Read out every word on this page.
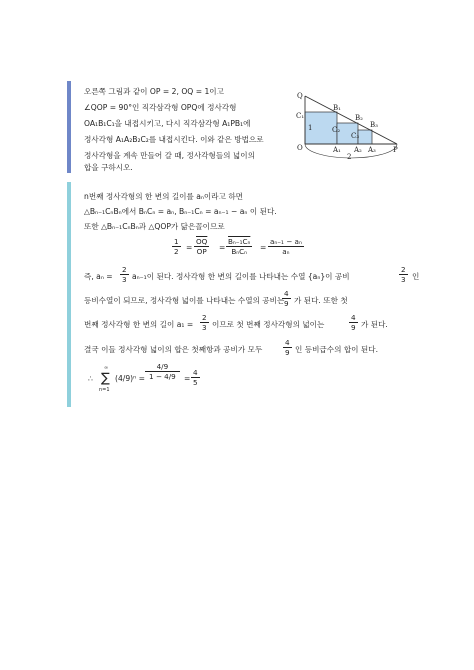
오른쪽 그림과 같이 OP = 2, OQ = 1이고
∠QOP = 90°인 직각삼각형 OPQ에 정사각형
OA₁B₁C₁을 내접시키고, 다시 직각삼각형 A₁PB₁에
정사각형 A₁A₂B₂C₂를 내접시킨다. 이와 같은 방법으로
정사각형을 계속 만들어 갈 때, 정사각형들의 넓이의
합을 구하시오.
Q
O	P
B₁
B₂
B₃
C₁
C₂
C₃
A₁ A₂ A₃
1
2
n번째 정사각형의 한 변의 길이를 aₙ이라고 하면
△Bₙ₋₁CₙBₙ에서 BₙCₙ = aₙ, Bₙ₋₁Cₙ = aₙ₋₁ − aₙ 이 된다.
또한 △Bₙ₋₁CₙBₙ과 △QOP가 닮은꼴이므로
$\frac{1}{2}$ =
$\overline{OQ}$
$\overline{OP}$	=
Bₙ₋₁Cₙ
BₙCₙ	= $\frac{\text{aₙ₋₁ − aₙ}}{\text{aₙ}}$
즉, $a_n = \frac{2}{3} a_{n-1}$이 된다. 정사각형 한 변의 길이를 나타내는 수열 {aₙ}이 공비	$\frac{2}{3}$ 인
등비수열이 되므로, 정사각형 넓이를 나타내는 수열의 공비는
$\frac{4}{9}$ 가 된다. 또한 첫
번째 정사각형 한 변의 길이 $a_1 = \frac{2}{3}$ 이므로 첫 번째 정사각형의 넓이는	$\frac{4}{9}$ 가 된다.
결국 이들 정사각형 넓이의 합은 첫째항과 공비가 모두	$\frac{4}{9}$ 인 등비급수의 합이 된다.
∴
∞
∑
n=1
$(4/9)^n = \frac{4/9}{1 - 4/9} = \frac{4}{5}$
